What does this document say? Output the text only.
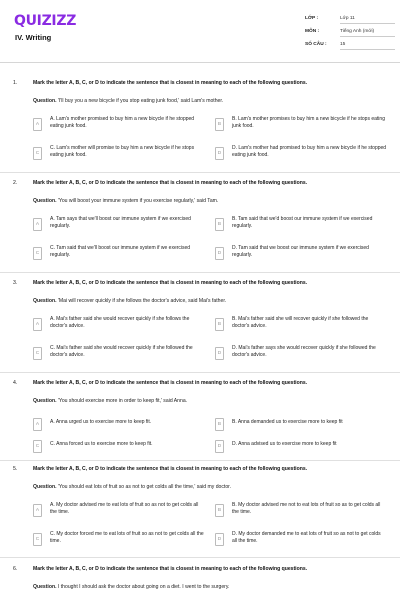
QUIZIZZ
IV. Writing
LỚP :	Lớp 11
MÔN :	Tiếng Anh (mới)
SỐ CÂU :	15
1.	Mark the letter A, B, C, or D to indicate the sentence that is closest in meaning to each of the following questions.
Question. 'I'll buy you a new bicycle if you stop eating junk food,' said Lam's mother.
A
A. Lam's mother promised to buy him a new bicycle if he stopped eating junk food.	B
B. Lam's mother promises to buy him a new bicycle if he stops eating junk food.
C
C. Lam's mother will promise to buy him a new bicycle if he stops eating junk food.	D
D. Lam's mother had promised to buy him a new bicycle if he stopped eating junk food.
2.	Mark the letter A, B, C, or D to indicate the sentence that is closest in meaning to each of the following questions.
Question. 'You will boost your immune system if you exercise regularly,' said Tam.
A
A. Tam says that we'll boost our immune system if we exercised regularly.	B
B. Tam said that we'd boost our immune system if we exercised regularly.
C
C. Tam said that we'll boost our immune system if we exercised regularly.	D
D. Tam said that we boost our immune system if we exercised regularly.
3.	Mark the letter A, B, C, or D to indicate the sentence that is closest in meaning to each of the following questions.
Question. 'Mai will recover quickly if she follows the doctor's advice, said Mai's father.
A
A. Mai's father said she would recover quickly if she follows the doctor's advice.	B
B. Mai's father said she will recover quickly if she followed the doctor's advice.
C
C. Mai's father said she would recover quickly if she followed the doctor's advice.	D
D. Mai's father says she would recover quickly if she followed the doctor's advice.
4.	Mark the letter A, B, C, or D to indicate the sentence that is closest in meaning to each of the following questions.
Question. 'You should exercise more in order to keep fit,' said Anna.
A	A. Anna urged us to exercise more to keep fit.	B	B. Anna demanded us to exercise more to keep fit
C	C. Anna forced us to exercise more to keep fit.	D	D. Anna advised us to exercise more to keep fit
5.	Mark the letter A, B, C, or D to indicate the sentence that is closest in meaning to each of the following questions.
Question. 'You should eat lots of fruit so as not to get colds all the time,' said my doctor.
A
A. My doctor advised me to eat lots of fruit so as not to get colds all the time.	B
B. My doctor advised me not to eat lots of fruit so as to get colds all the time.
C
C. My doctor forced me to eat lots of fruit so as not to get colds all the time.	D
D. My doctor demanded me to eat lots of fruit so as not to get colds all the time.
6.	Mark the letter A, B, C, or D to indicate the sentence that is closest in meaning to each of the following questions.
Question. I thought I should ask the doctor about going on a diet. I went to the surgery.
